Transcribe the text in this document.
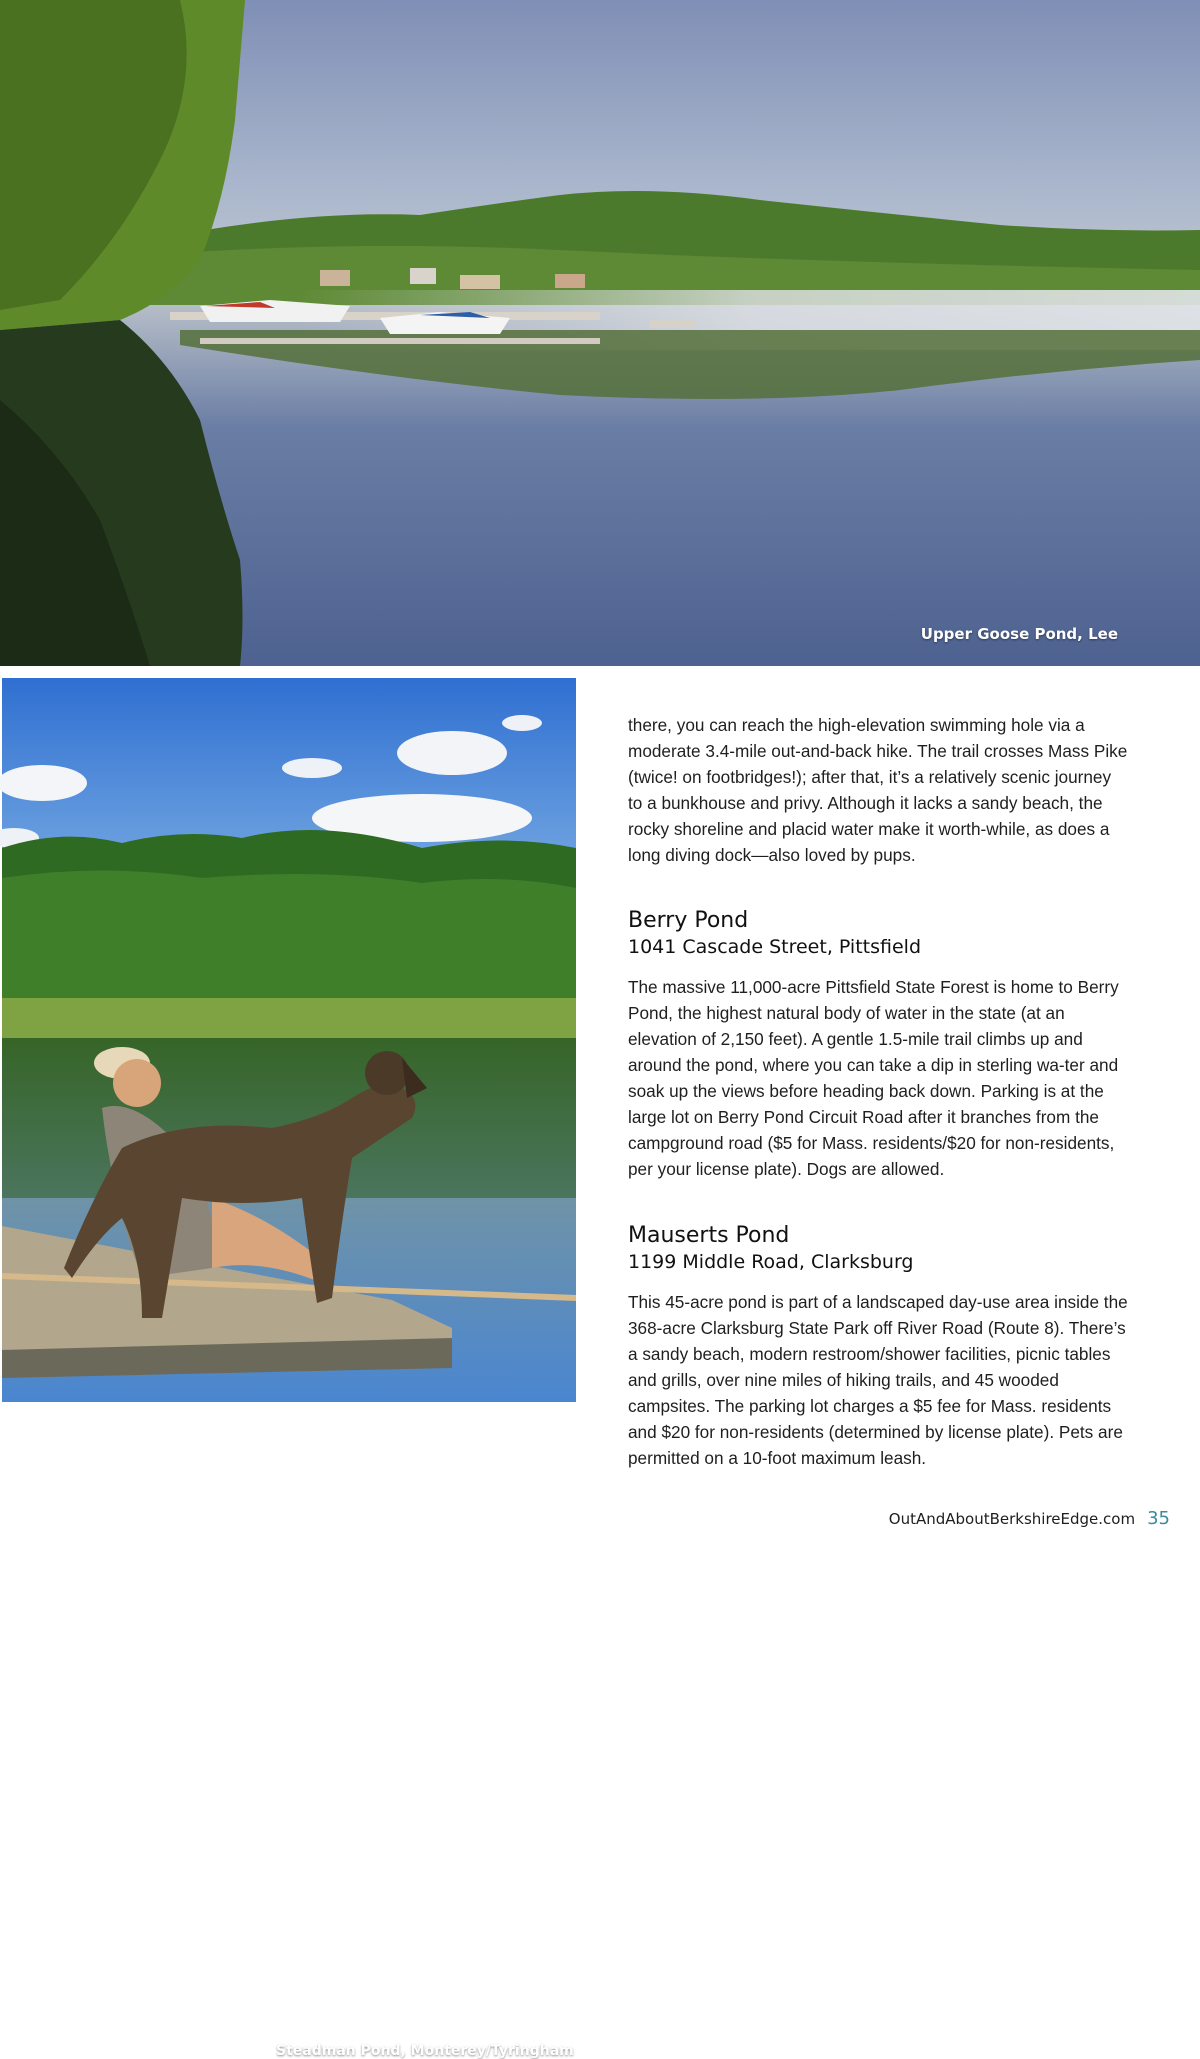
Upper Goose Pond, Lee
Steadman Pond, Monterey/Tyringham

there, you can reach the high-elevation swimming hole via a moderate 3.4-mile out-and-back hike. The trail crosses Mass Pike (twice! on footbridges!); after that, it’s a relatively scenic journey to a bunkhouse and privy. Although it lacks a sandy beach, the rocky shoreline and placid water make it worth-while, as does a long diving dock—also loved by pups.

Berry Pond
1041 Cascade Street, Pittsfield

The massive 11,000-acre Pittsfield State Forest is home to Berry Pond, the highest natural body of water in the state (at an elevation of 2,150 feet). A gentle 1.5-mile trail climbs up and around the pond, where you can take a dip in sterling wa-ter and soak up the views before heading back down. Parking is at the large lot on Berry Pond Circuit Road after it branches from the campground road ($5 for Mass. residents/$20 for non-residents, per your license plate). Dogs are allowed.

Mauserts Pond
1199 Middle Road, Clarksburg

This 45-acre pond is part of a landscaped day-use area inside the 368-acre Clarksburg State Park off River Road (Route 8). There’s a sandy beach, modern restroom/shower facilities, picnic tables and grills, over nine miles of hiking trails, and 45 wooded campsites. The parking lot charges a $5 fee for Mass. residents and $20 for non-residents (determined by license plate). Pets are permitted on a 10-foot maximum leash.

OutAndAboutBerkshireEdge.com 35
